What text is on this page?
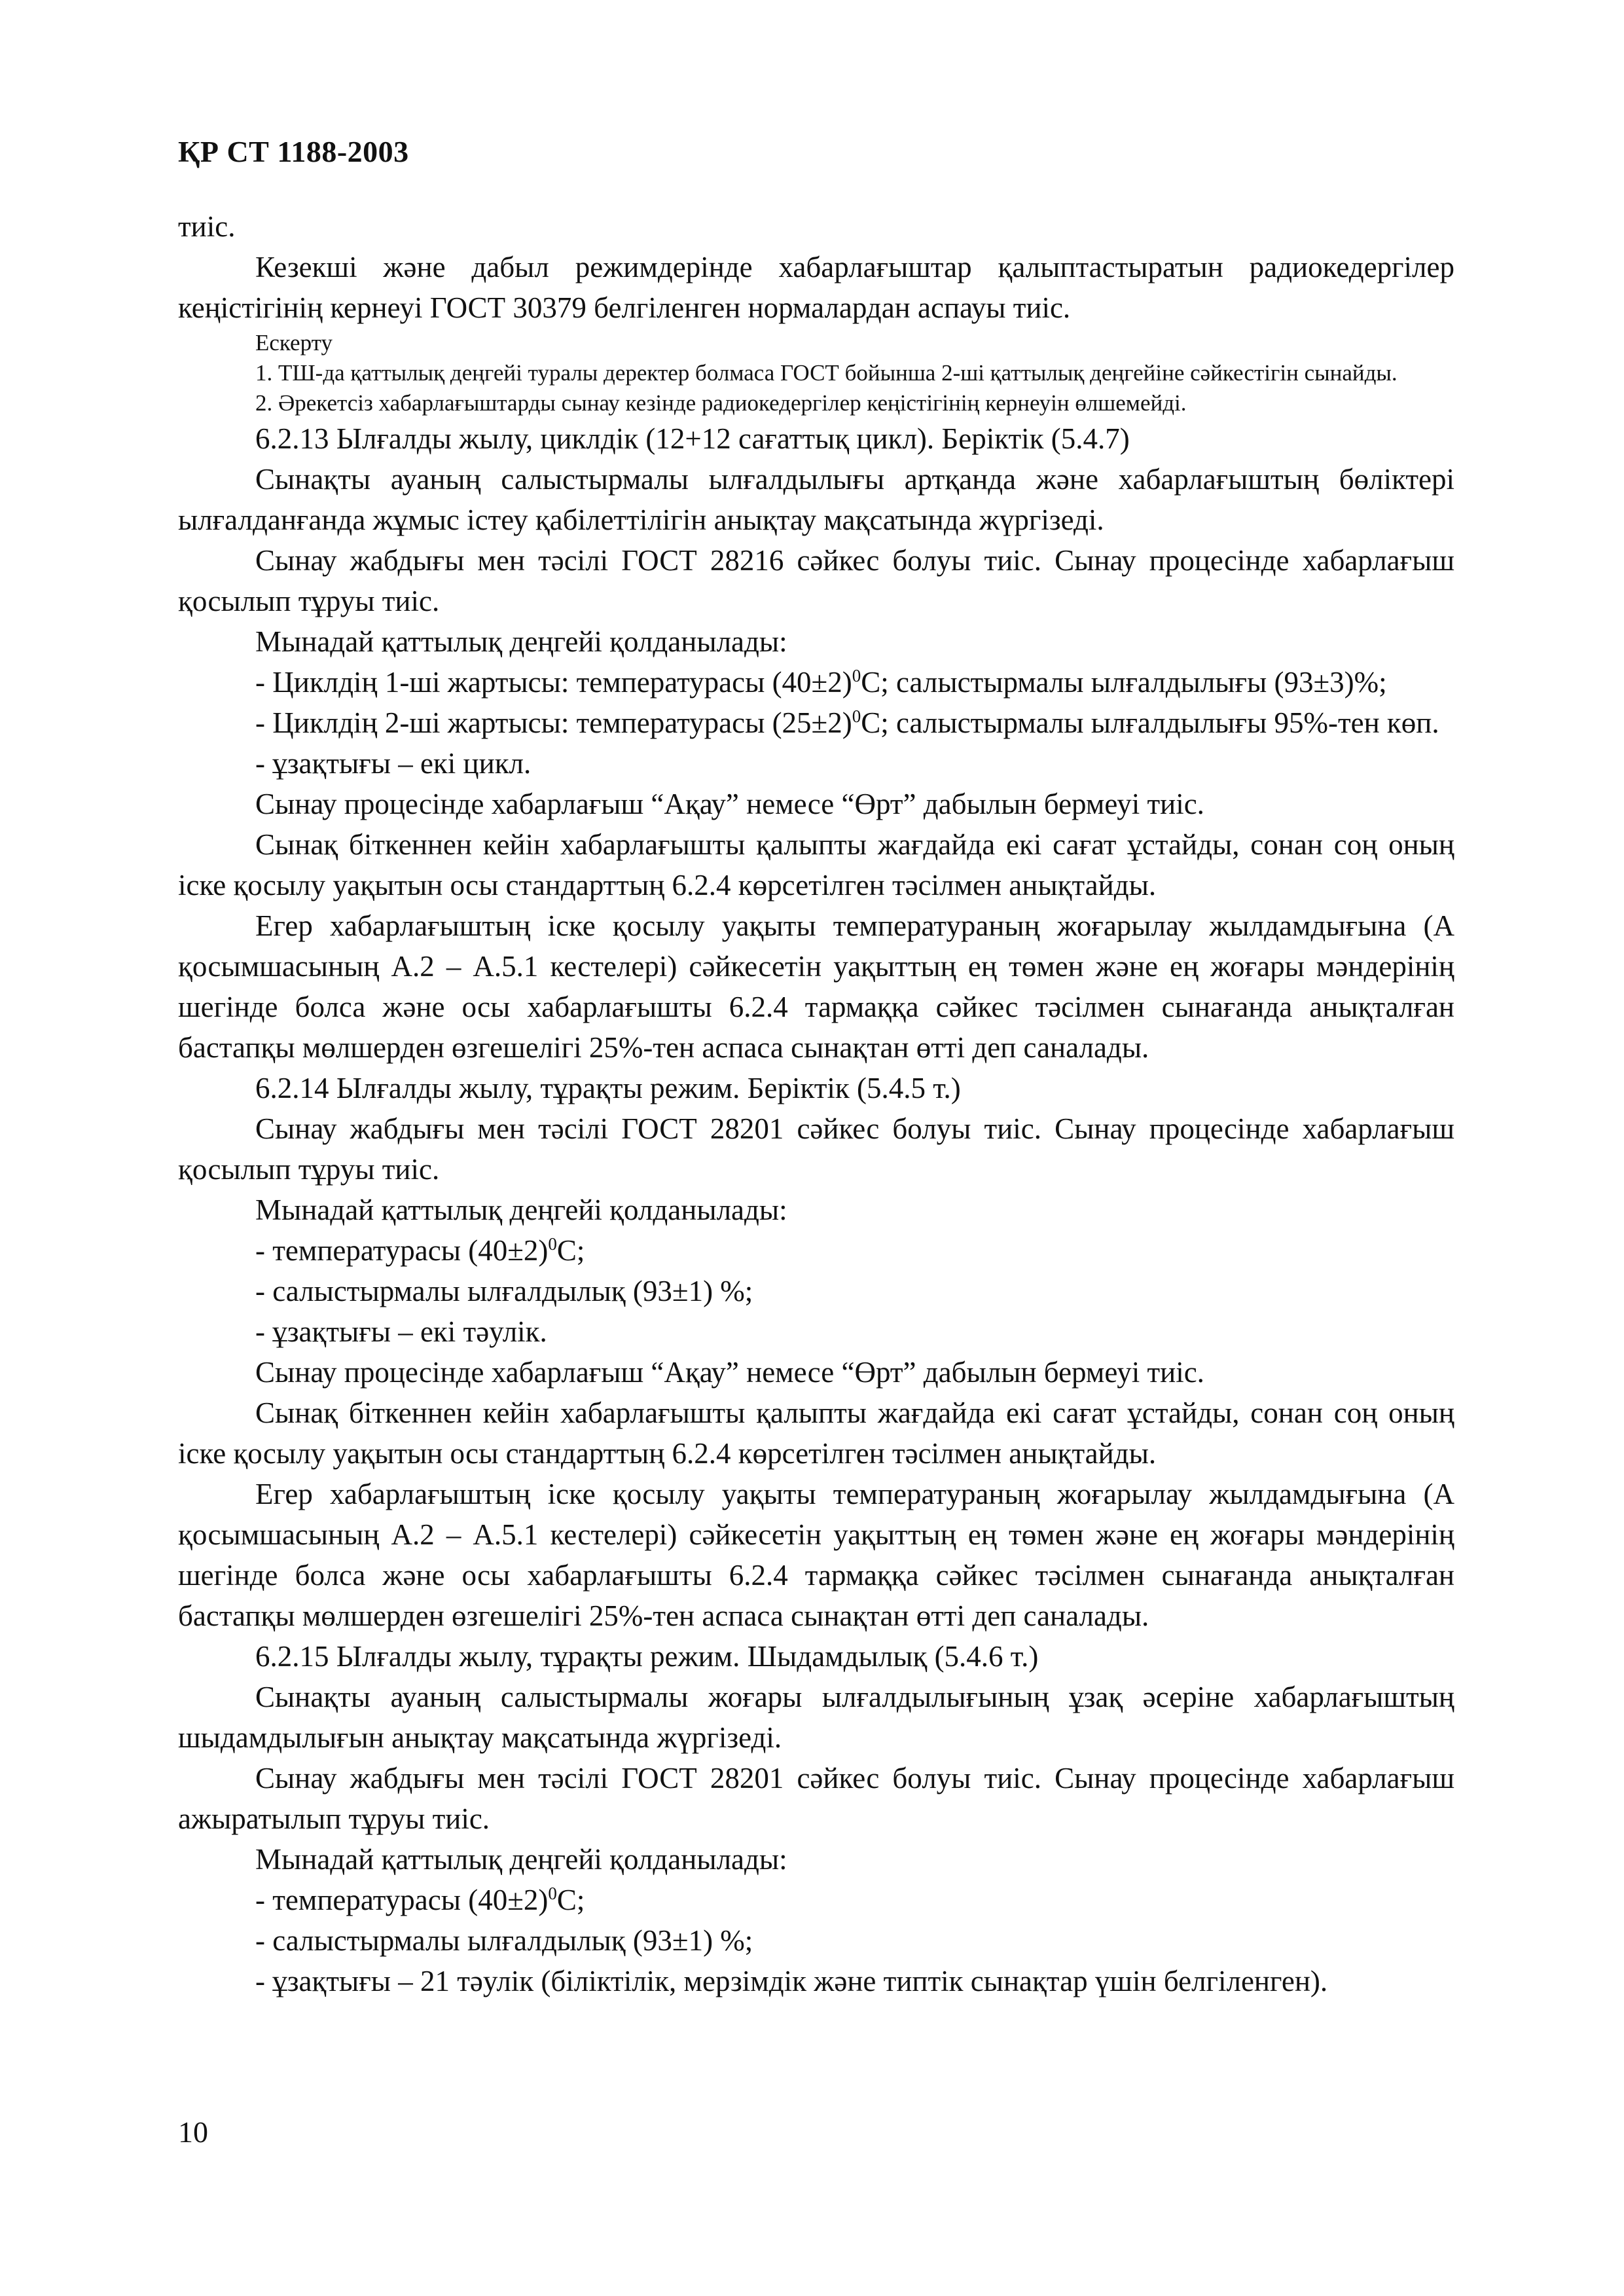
ҚР СТ 1188-2003

тиіс.

Кезекші және дабыл режимдерінде хабарлағыштар қалыптастыратын радиокедергілер кеңістігінің кернеуі ГОСТ 30379 белгіленген нормалардан аспауы тиіс.

Ескерту

1. ТШ-да қаттылық деңгейі туралы деректер болмаса ГОСТ бойынша 2-ші қаттылық деңгейіне сәйкестігін сынайды.

2. Әрекетсіз хабарлағыштарды сынау кезінде радиокедергілер кеңістігінің кернеуін өлшемейді.

6.2.13 Ылғалды жылу, циклдік (12+12 сағаттық цикл). Беріктік (5.4.7)

Сынақты ауаның салыстырмалы ылғалдылығы артқанда және хабарлағыштың бөліктері ылғалданғанда жұмыс істеу қабілеттілігін анықтау мақсатында жүргізеді.

Сынау жабдығы мен тәсілі ГОСТ 28216 сәйкес болуы тиіс. Сынау процесінде хабарлағыш қосылып тұруы тиіс.

Мынадай қаттылық деңгейі қолданылады:

- Циклдің 1-ші жартысы: температурасы $(40\pm 2)^0С$; салыстырмалы ылғалдылығы (93±3)%;

- Циклдің 2-ші жартысы: температурасы $(25\pm 2)^0С$; салыстырмалы ылғалдылығы 95%-тен көп.

- ұзақтығы – екі цикл.

Сынау процесінде хабарлағыш “Ақау” немесе “Өрт” дабылын бермеуі тиіс.

Сынақ біткеннен кейін хабарлағышты қалыпты жағдайда екі сағат ұстайды, сонан соң оның іске қосылу уақытын осы стандарттың 6.2.4 көрсетілген тәсілмен анықтайды.

Егер хабарлағыштың іске қосылу уақыты температураның жоғарылау жылдамдығына (А қосымшасының А.2 – А.5.1 кестелері) сәйкесетін уақыттың ең төмен және ең жоғары мәндерінің шегінде болса және осы хабарлағышты 6.2.4 тармаққа сәйкес тәсілмен сынағанда анықталған бастапқы мөлшерден өзгешелігі 25%-тен аспаса сынақтан өтті деп саналады.

6.2.14 Ылғалды жылу, тұрақты режим. Беріктік (5.4.5 т.)

Сынау жабдығы мен тәсілі ГОСТ 28201 сәйкес болуы тиіс. Сынау процесінде хабарлағыш қосылып тұруы тиіс.

Мынадай қаттылық деңгейі қолданылады:

- температурасы $(40\pm 2)^0С$;

- салыстырмалы ылғалдылық (93±1) %;

- ұзақтығы – екі тәулік.

Сынау процесінде хабарлағыш “Ақау” немесе “Өрт” дабылын бермеуі тиіс.

Сынақ біткеннен кейін хабарлағышты қалыпты жағдайда екі сағат ұстайды, сонан соң оның іске қосылу уақытын осы стандарттың 6.2.4 көрсетілген тәсілмен анықтайды.

Егер хабарлағыштың іске қосылу уақыты температураның жоғарылау жылдамдығына (А қосымшасының А.2 – А.5.1 кестелері) сәйкесетін уақыттың ең төмен және ең жоғары мәндерінің шегінде болса және осы хабарлағышты 6.2.4 тармаққа сәйкес тәсілмен сынағанда анықталған бастапқы мөлшерден өзгешелігі 25%-тен аспаса сынақтан өтті деп саналады.

6.2.15 Ылғалды жылу, тұрақты режим. Шыдамдылық (5.4.6 т.)

Сынақты ауаның салыстырмалы жоғары ылғалдылығының ұзақ әсеріне хабарлағыштың шыдамдылығын анықтау мақсатында жүргізеді.

Сынау жабдығы мен тәсілі ГОСТ 28201 сәйкес болуы тиіс. Сынау процесінде хабарлағыш ажыратылып тұруы тиіс.

Мынадай қаттылық деңгейі қолданылады:

- температурасы $(40\pm 2)^0С$;

- салыстырмалы ылғалдылық (93±1) %;

- ұзақтығы – 21 тәулік (біліктілік, мерзімдік және типтік сынақтар үшін белгіленген).

10
